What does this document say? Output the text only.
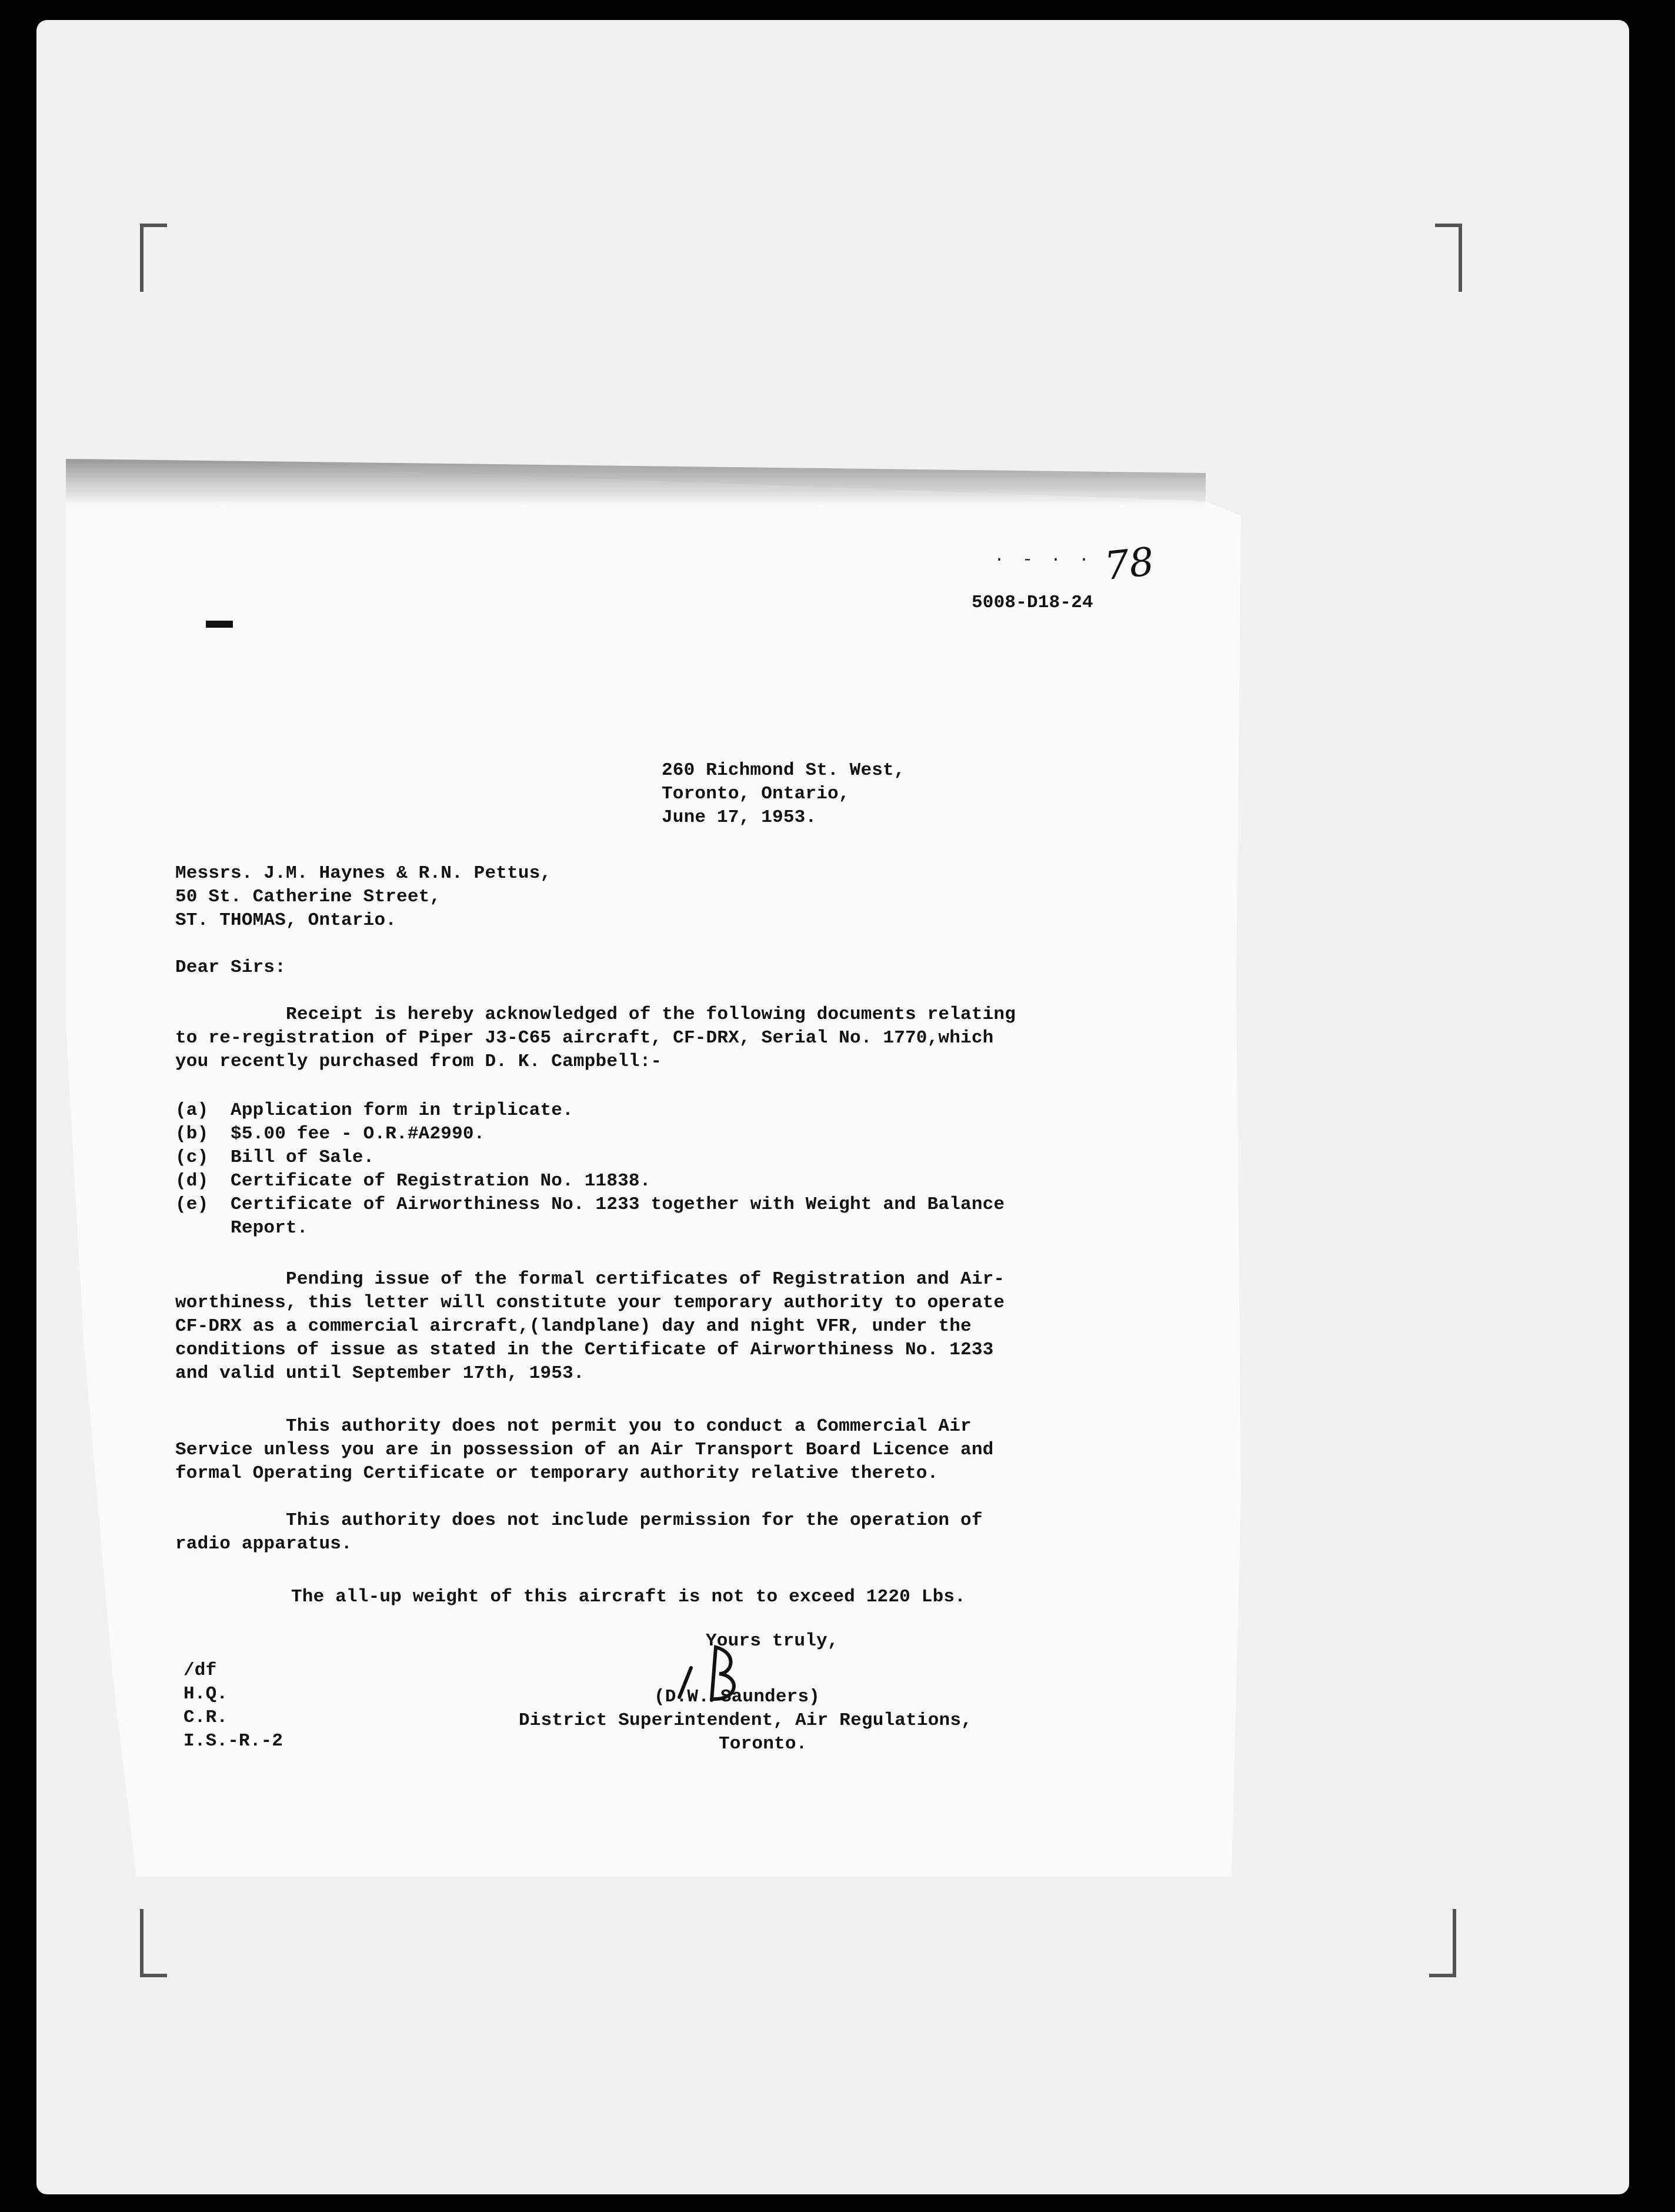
· - · · 78
5008-D18-24
260 Richmond St. West,
Toronto, Ontario,
June 17, 1953.
Messrs. J.M. Haynes & R.N. Pettus,
50 St. Catherine Street,
ST. THOMAS, Ontario.
Dear Sirs:
Receipt is hereby acknowledged of the following documents relating
to re-registration of Piper J3-C65 aircraft, CF-DRX, Serial No. 1770,which
you recently purchased from D. K. Campbell:-
(a)  Application form in triplicate.
(b)  $5.00 fee - O.R.#A2990.
(c)  Bill of Sale.
(d)  Certificate of Registration No. 11838.
(e)  Certificate of Airworthiness No. 1233 together with Weight and Balance
Report.
Pending issue of the formal certificates of Registration and Air-
worthiness, this letter will constitute your temporary authority to operate
CF-DRX as a commercial aircraft,(landplane) day and night VFR, under the
conditions of issue as stated in the Certificate of Airworthiness No. 1233
and valid until September 17th, 1953.
This authority does not permit you to conduct a Commercial Air
Service unless you are in possession of an Air Transport Board Licence and
formal Operating Certificate or temporary authority relative thereto.
This authority does not include permission for the operation of
radio apparatus.
The all-up weight of this aircraft is not to exceed 1220 Lbs.
Yours truly,
(D.W. Saunders)
District Superintendent, Air Regulations,
Toronto.
/df
H.Q.
C.R.
I.S.-R.-2
